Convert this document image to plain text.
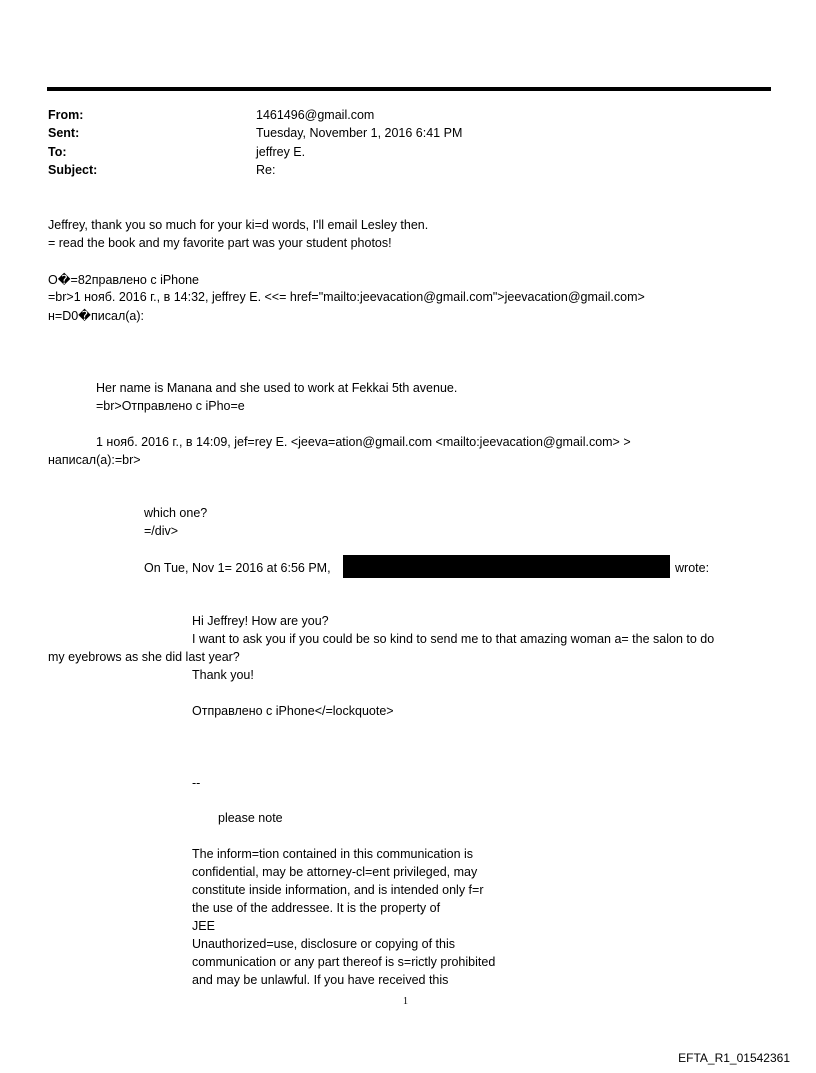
From:	1461496@gmail.com
Sent:	Tuesday, November 1, 2016 6:41 PM
To:	jeffrey E.
Subject:	Re:
Jeffrey, thank you so much for your ki=d words, I'll email Lesley then.
= read the book and my favorite part was your student photos!
O�=82правлено с iPhone
=br>1 нояб. 2016 г., в 14:32, jeffrey E. <<= href="mailto:jeevacation@gmail.com">jeevacation@gmail.com>
н=D0�писал(а):
Her name is Manana and she used to work at Fekkai 5th avenue.
=br>Отправлено с iPho=e
1 нояб. 2016 г., в 14:09, jef=rey E. <jeeva=ation@gmail.com <mailto:jeevacation@gmail.com> >
написал(а):=br>
which one?
=/div>
On Tue, Nov 1= 2016 at 6:56 PM,	wrote:
Hi Jeffrey! How are you?
I want to ask you if you could be so kind to send me to that amazing woman a= the salon to do
my eyebrows as she did last year?
Thank you!
Отправлено с iPhone</=lockquote>
--
please note
The inform=tion contained in this communication is
confidential, may be attorney-cl=ent privileged, may
constitute inside information, and is intended only f=r
the use of the addressee. It is the property of
JEE
Unauthorized=use, disclosure or copying of this
communication or any part thereof is s=rictly prohibited
and may be unlawful. If you have received this
1
EFTA_R1_01542361
